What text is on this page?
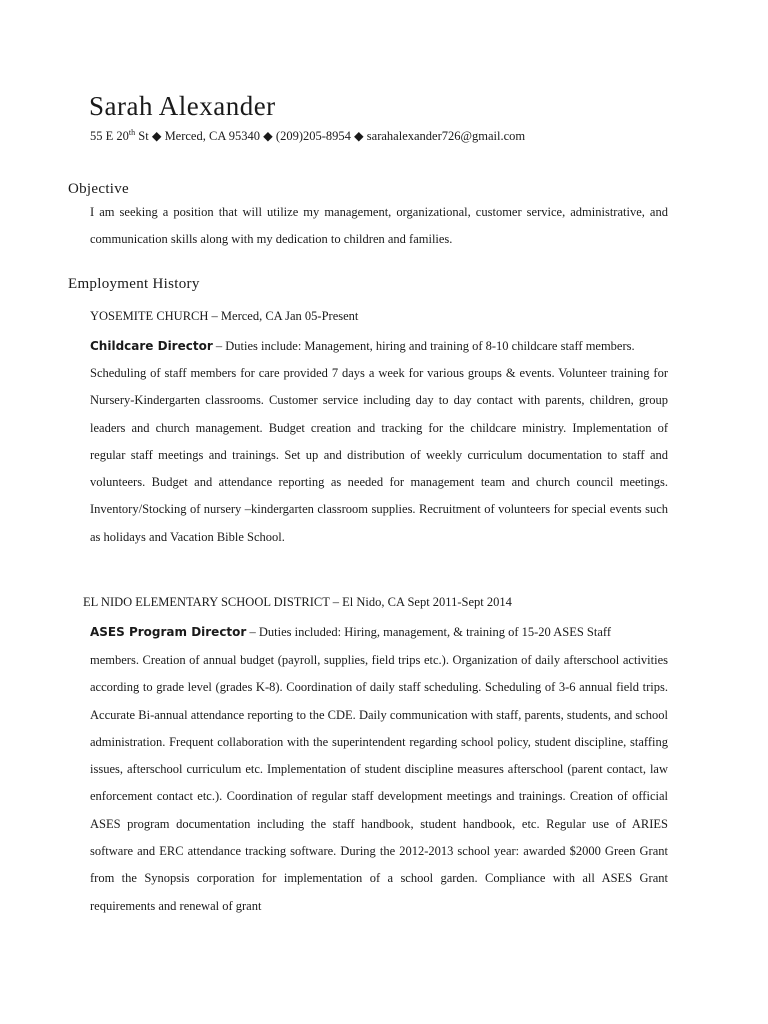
Sarah Alexander
55 E 20th St ◆ Merced, CA 95340 ◆ (209)205-8954 ◆ sarahalexander726@gmail.com
Objective

I am seeking a position that will utilize my management, organizational, customer service, administrative, and communication skills along with my dedication to children and families.

Employment History
YOSEMITE CHURCH – Merced, CA Jan 05-Present
Childcare Director – Duties include: Management, hiring and training of 8-10 childcare staff members.

Scheduling of staff members for care provided 7 days a week for various groups & events. Volunteer training for Nursery-Kindergarten classrooms. Customer service including day to day contact with parents, children, group leaders and church management. Budget creation and tracking for the childcare ministry. Implementation of regular staff meetings and trainings. Set up and distribution of weekly curriculum documentation to staff and volunteers. Budget and attendance reporting as needed for management team and church council meetings. Inventory/Stocking of nursery –kindergarten classroom supplies. Recruitment of volunteers for special events such as holidays and Vacation Bible School.

EL NIDO ELEMENTARY SCHOOL DISTRICT – El Nido, CA Sept 2011-Sept 2014
ASES Program Director – Duties included: Hiring, management, & training of 15-20 ASES Staff

members. Creation of annual budget (payroll, supplies, field trips etc.). Organization of daily afterschool activities according to grade level (grades K-8). Coordination of daily staff scheduling. Scheduling of 3-6 annual field trips. Accurate Bi-annual attendance reporting to the CDE. Daily communication with staff, parents, students, and school administration. Frequent collaboration with the superintendent regarding school policy, student discipline, staffing issues, afterschool curriculum etc. Implementation of student discipline measures afterschool (parent contact, law enforcement contact etc.). Coordination of regular staff development meetings and trainings. Creation of official ASES program documentation including the staff handbook, student handbook, etc. Regular use of ARIES software and ERC attendance tracking software. During the 2012-2013 school year: awarded $2000 Green Grant from the Synopsis corporation for implementation of a school garden. Compliance with all ASES Grant requirements and renewal of grant
